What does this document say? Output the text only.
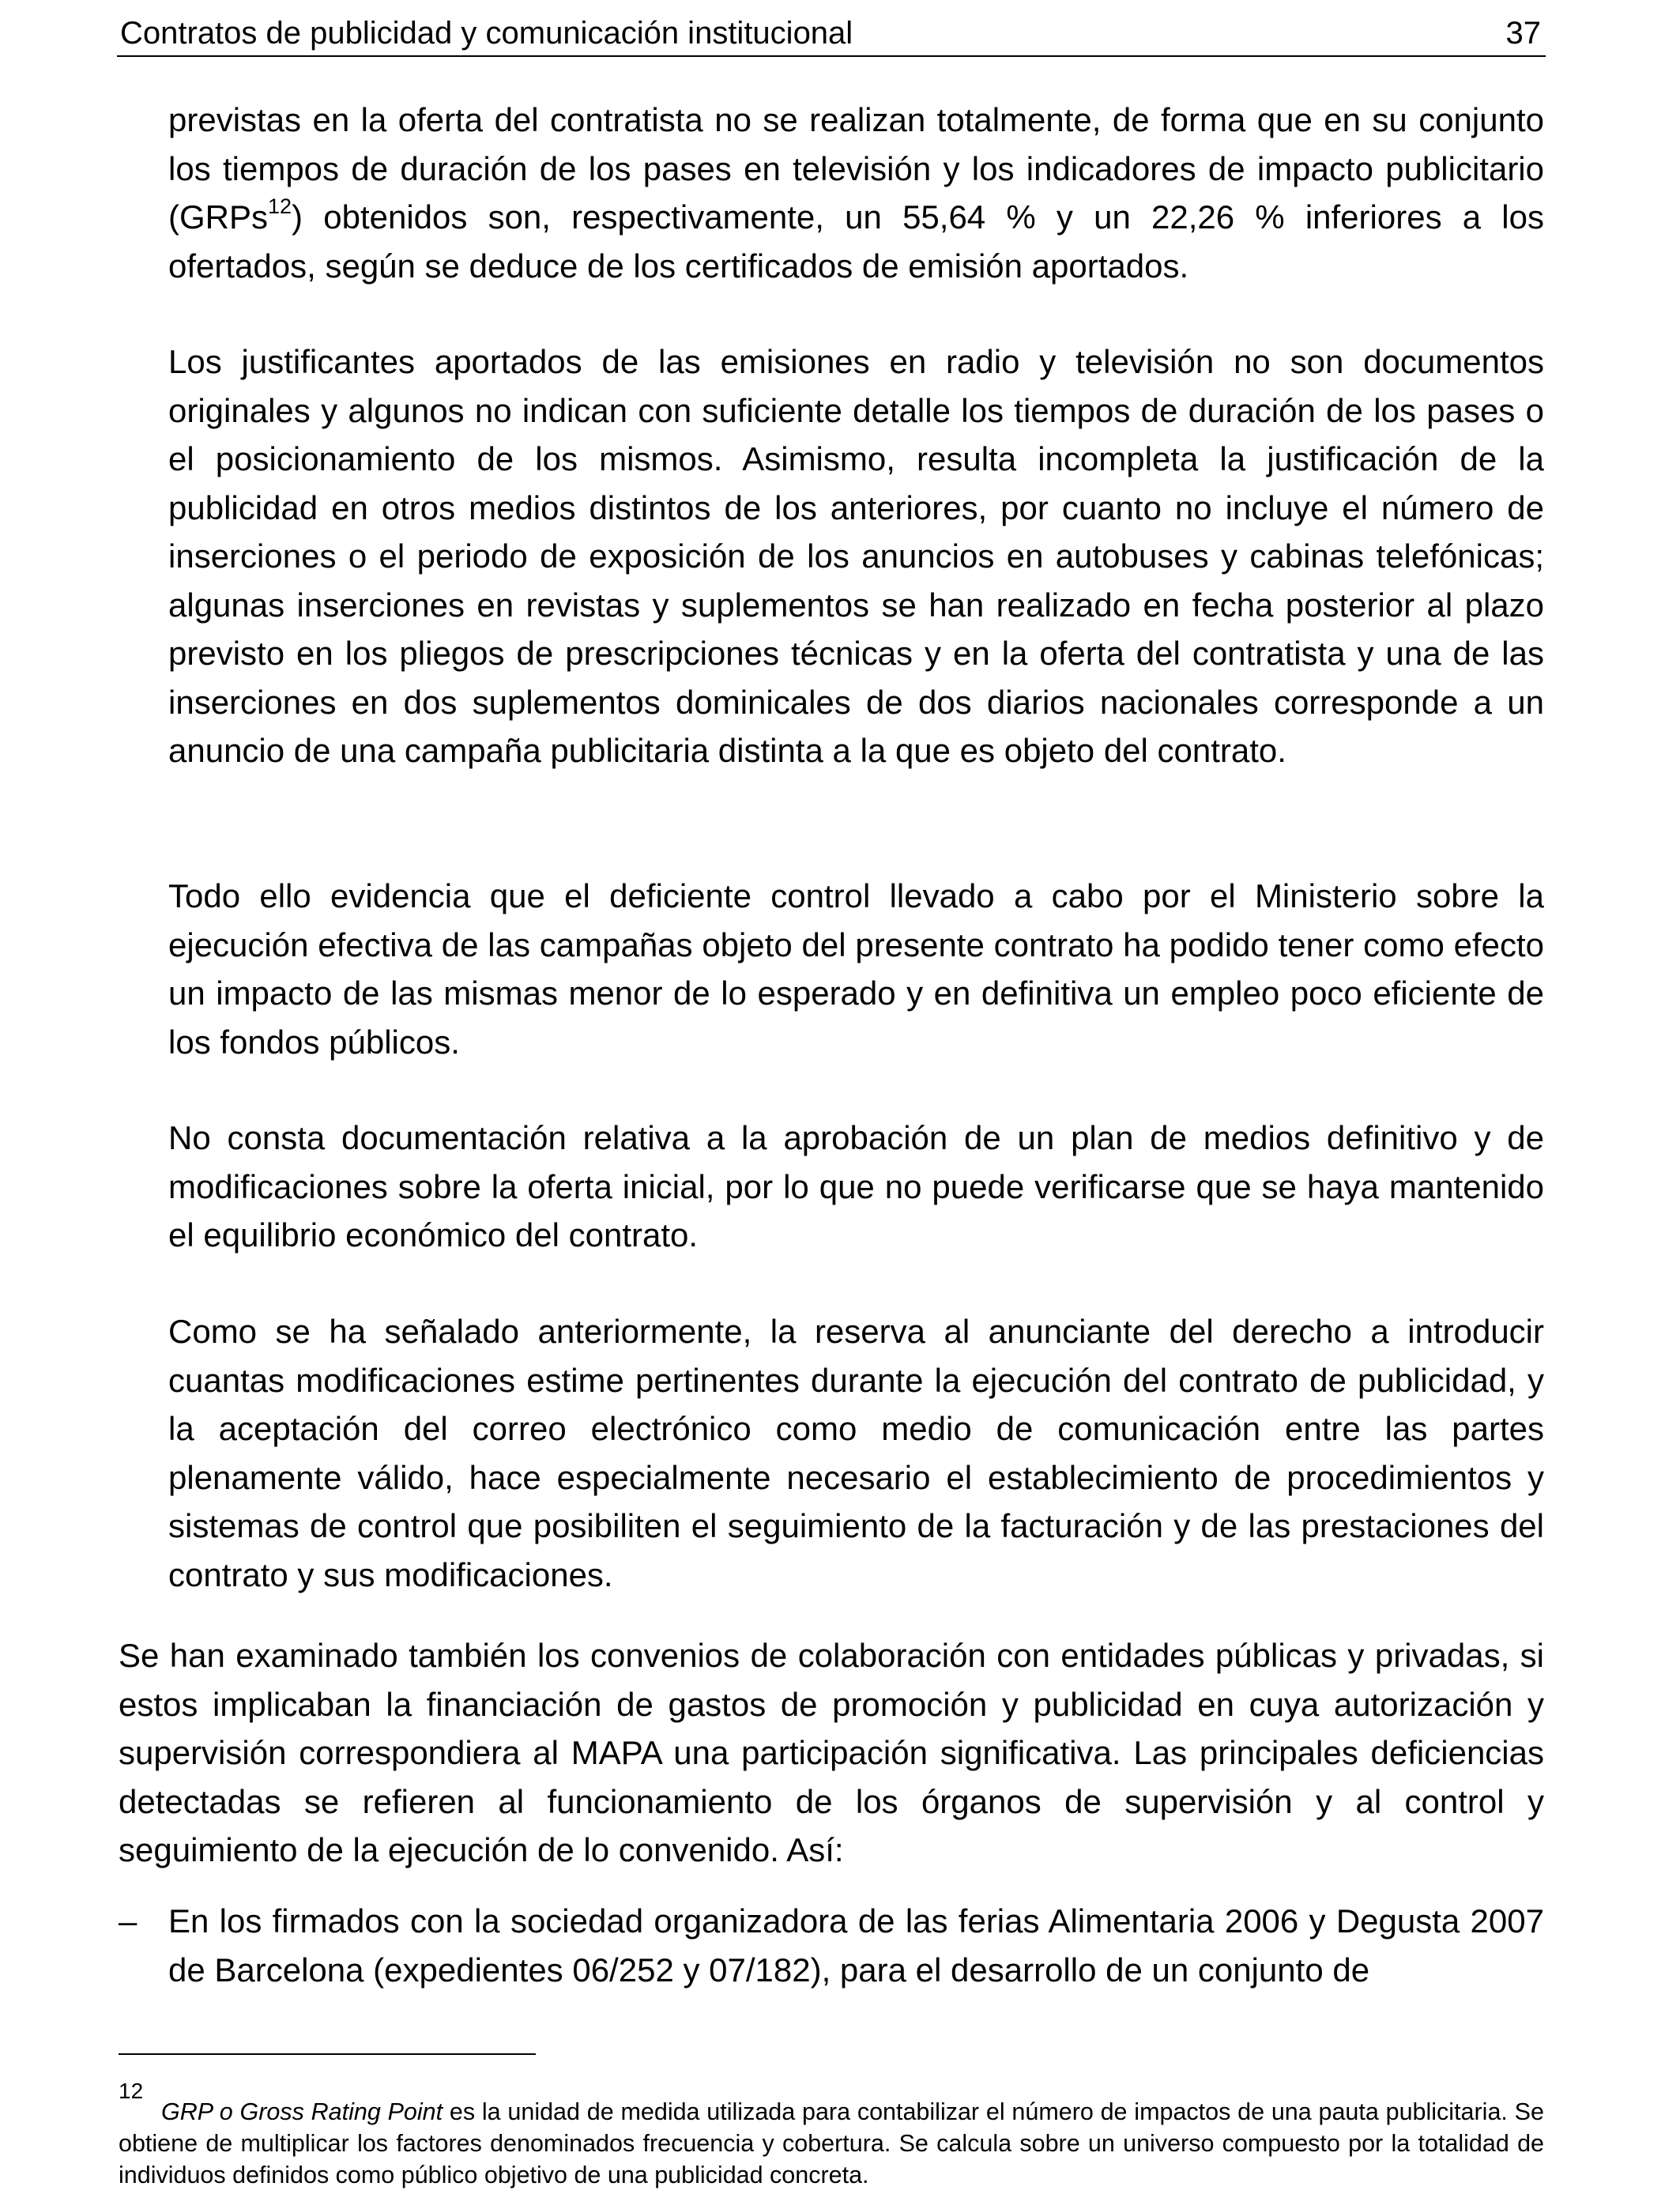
Contratos de publicidad y comunicación institucional	37

previstas en la oferta del contratista no se realizan totalmente, de forma que en su conjunto los tiempos de duración de los pases en televisión y los indicadores de impacto publicitario (GRPs$^{12}$) obtenidos son, respectivamente, un 55,64 % y un 22,26 % inferiores a los ofertados, según se deduce de los certificados de emisión aportados.

Los justificantes aportados de las emisiones en radio y televisión no son documentos originales y algunos no indican con suficiente detalle los tiempos de duración de los pases o el posicionamiento de los mismos. Asimismo, resulta incompleta la justificación de la publicidad en otros medios distintos de los anteriores, por cuanto no incluye el número de inserciones o el periodo de exposición de los anuncios en autobuses y cabinas telefónicas; algunas inserciones en revistas y suplementos se han realizado en fecha posterior al plazo previsto en los pliegos de prescripciones técnicas y en la oferta del contratista y una de las inserciones en dos suplementos dominicales de dos diarios nacionales corresponde a un anuncio de una campaña publicitaria distinta a la que es objeto del contrato.

Todo ello evidencia que el deficiente control llevado a cabo por el Ministerio sobre la ejecución efectiva de las campañas objeto del presente contrato ha podido tener como efecto un impacto de las mismas menor de lo esperado y en definitiva un empleo poco eficiente de los fondos públicos.

No consta documentación relativa a la aprobación de un plan de medios definitivo y de modificaciones sobre la oferta inicial, por lo que no puede verificarse que se haya mantenido el equilibrio económico del contrato.

Como se ha señalado anteriormente, la reserva al anunciante del derecho a introducir cuantas modificaciones estime pertinentes durante la ejecución del contrato de publicidad, y la aceptación del correo electrónico como medio de comunicación entre las partes plenamente válido, hace especialmente necesario el establecimiento de procedimientos y sistemas de control que posibiliten el seguimiento de la facturación y de las prestaciones del contrato y sus modificaciones.

Se han examinado también los convenios de colaboración con entidades públicas y privadas, si estos implicaban la financiación de gastos de promoción y publicidad en cuya autorización y supervisión correspondiera al MAPA una participación significativa. Las principales deficiencias detectadas se refieren al funcionamiento de los órganos de supervisión y al control y seguimiento de la ejecución de lo convenido. Así:

– En los firmados con la sociedad organizadora de las ferias Alimentaria 2006 y Degusta 2007 de Barcelona (expedientes 06/252 y 07/182), para el desarrollo de un conjunto de

12

GRP o Gross Rating Point es la unidad de medida utilizada para contabilizar el número de impactos de una pauta publicitaria. Se obtiene de multiplicar los factores denominados frecuencia y cobertura. Se calcula sobre un universo compuesto por la totalidad de individuos definidos como público objetivo de una publicidad concreta.
